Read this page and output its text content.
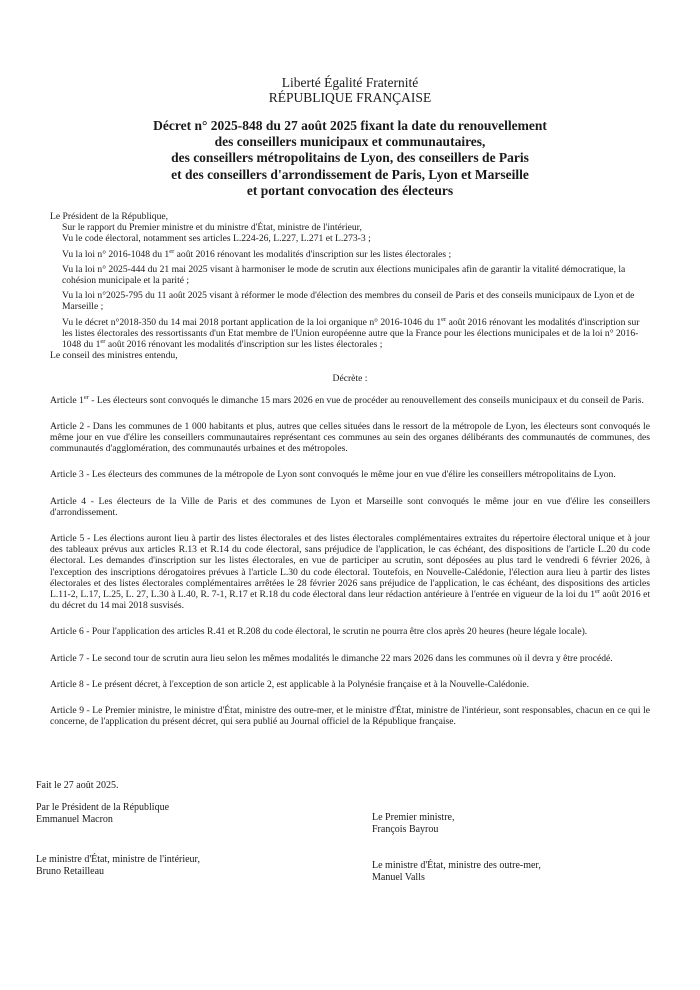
Liberté Égalité Fraternité
RÉPUBLIQUE FRANÇAISE
Décret n° 2025-848 du 27 août 2025 fixant la date du renouvellement
des conseillers municipaux et communautaires,
des conseillers métropolitains de Lyon, des conseillers de Paris
et des conseillers d'arrondissement de Paris, Lyon et Marseille
et portant convocation des électeurs

Le Président de la République,

Sur le rapport du Premier ministre et du ministre d'État, ministre de l'intérieur,

Vu le code électoral, notamment ses articles L.224-26, L.227, L.271 et L.273-3 ;

Vu la loi n° 2016-1048 du 1er août 2016 rénovant les modalités d'inscription sur les listes électorales ;

Vu la loi n° 2025-444 du 21 mai 2025 visant à harmoniser le mode de scrutin aux élections municipales afin de garantir la vitalité démocratique, la cohésion municipale et la parité ;

Vu la loi n°2025-795 du 11 août 2025 visant à réformer le mode d'élection des membres du conseil de Paris et des conseils municipaux de Lyon et de Marseille ;

Vu le décret n°2018-350 du 14 mai 2018 portant application de la loi organique n° 2016-1046 du 1er août 2016 rénovant les modalités d'inscription sur les listes électorales des ressortissants d'un Etat membre de l'Union européenne autre que la France pour les élections municipales et de la loi n° 2016-1048 du 1er août 2016 rénovant les modalités d'inscription sur les listes électorales ;

Le conseil des ministres entendu,

Décrète :

Article 1er - Les électeurs sont convoqués le dimanche 15 mars 2026 en vue de procéder au renouvellement des conseils municipaux et du conseil de Paris.

Article 2 - Dans les communes de 1 000 habitants et plus, autres que celles situées dans le ressort de la métropole de Lyon, les électeurs sont convoqués le même jour en vue d'élire les conseillers communautaires représentant ces communes au sein des organes délibérants des communautés de communes, des communautés d'agglomération, des communautés urbaines et des métropoles.

Article 3 - Les électeurs des communes de la métropole de Lyon sont convoqués le même jour en vue d'élire les conseillers métropolitains de Lyon.

Article 4 - Les électeurs de la Ville de Paris et des communes de Lyon et Marseille sont convoqués le même jour en vue d'élire les conseillers d'arrondissement.

Article 5 - Les élections auront lieu à partir des listes électorales et des listes électorales complémentaires extraites du répertoire électoral unique et à jour des tableaux prévus aux articles R.13 et R.14 du code électoral, sans préjudice de l'application, le cas échéant, des dispositions de l'article L.20 du code électoral. Les demandes d'inscription sur les listes électorales, en vue de participer au scrutin, sont déposées au plus tard le vendredi 6 février 2026, à l'exception des inscriptions dérogatoires prévues à l'article L.30 du code électoral. Toutefois, en Nouvelle-Calédonie, l'élection aura lieu à partir des listes électorales et des listes électorales complémentaires arrêtées le 28 février 2026 sans préjudice de l'application, le cas échéant, des dispositions des articles L.11-2, L.17, L.25, L. 27, L.30 à L.40, R. 7-1, R.17 et R.18 du code électoral dans leur rédaction antérieure à l'entrée en vigueur de la loi du 1er août 2016 et du décret du 14 mai 2018 susvisés.

Article 6 - Pour l'application des articles R.41 et R.208 du code électoral, le scrutin ne pourra être clos après 20 heures (heure légale locale).

Article 7 - Le second tour de scrutin aura lieu selon les mêmes modalités le dimanche 22 mars 2026 dans les communes où il devra y être procédé.

Article 8 - Le présent décret, à l'exception de son article 2, est applicable à la Polynésie française et à la Nouvelle-Calédonie.

Article 9 - Le Premier ministre, le ministre d'État, ministre des outre-mer, et le ministre d'État, ministre de l'intérieur, sont responsables, chacun en ce qui le concerne, de l'application du présent décret, qui sera publié au Journal officiel de la République française.

Fait le 27 août 2025.
Par le Président de la République
Emmanuel Macron	Le Premier ministre,
François Bayrou
Le ministre d'État, ministre de l'intérieur,
Bruno Retailleau
Le ministre d'État, ministre des outre-mer,
Manuel Valls
